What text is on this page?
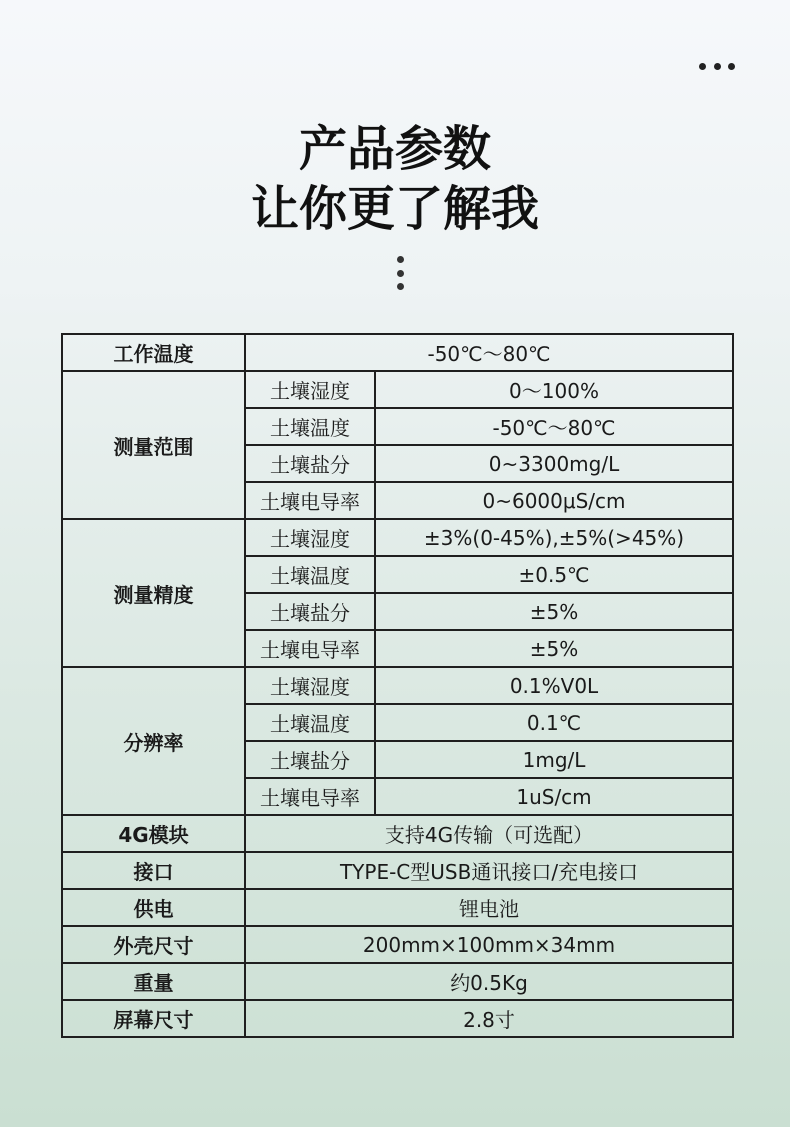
产品参数
让你更了解我
工作温度	-50℃～80℃	
测量范围	土壤湿度	0～100%
	土壤温度	-50℃～80℃
	土壤盐分	0~3300mg/L
	土壤电导率	0~6000μS/cm
测量精度	土壤湿度	±3%(0-45%),±5%(>45%)
	土壤温度	±0.5℃
	土壤盐分	±5%
	土壤电导率	±5%
分辨率	土壤湿度	0.1%V0L
	土壤温度	0.1℃
	土壤盐分	1mg/L
	土壤电导率	1uS/cm
4G模块	支持4G传输（可选配）	
接口	TYPE-C型USB通讯接口/充电接口	
供电	锂电池	
外壳尺寸	200mm×100mm×34mm	
重量	约0.5Kg	
屏幕尺寸	2.8寸	
